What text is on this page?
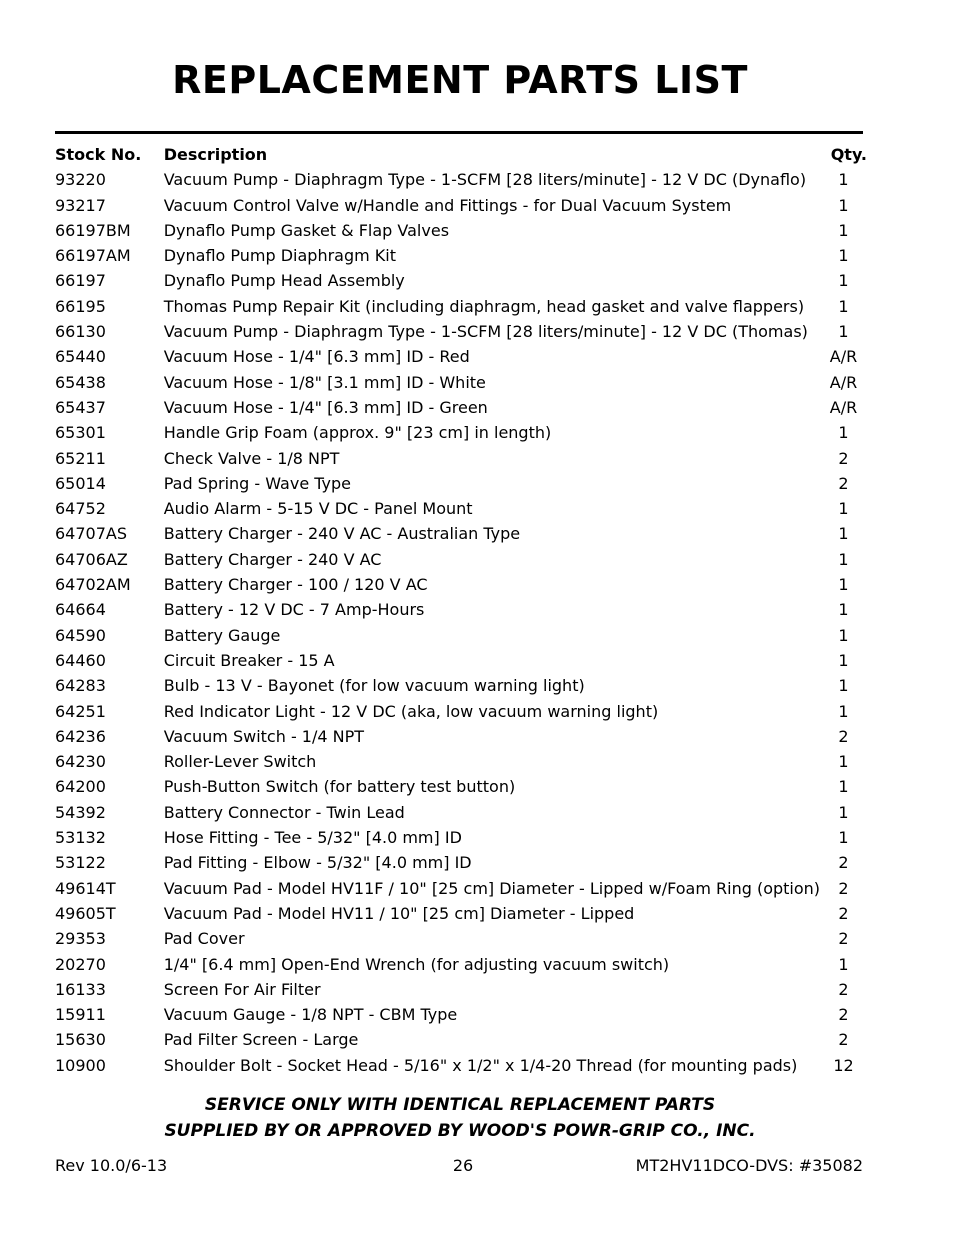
REPLACEMENT PARTS LIST
Stock No.	Description	Qty.
93220	Vacuum Pump - Diaphragm Type - 1-SCFM [28 liters/minute] - 12 V DC (Dynaflo)	1
93217	Vacuum Control Valve w/Handle and Fittings - for Dual Vacuum System	1
66197BM	Dynaflo Pump Gasket & Flap Valves	1
66197AM	Dynaflo Pump Diaphragm Kit	1
66197	Dynaflo Pump Head Assembly	1
66195	Thomas Pump Repair Kit (including diaphragm, head gasket and valve flappers)	1
66130	Vacuum Pump - Diaphragm Type - 1-SCFM [28 liters/minute] - 12 V DC (Thomas)	1
65440	Vacuum Hose - 1/4" [6.3 mm] ID - Red	A/R
65438	Vacuum Hose - 1/8" [3.1 mm] ID - White	A/R
65437	Vacuum Hose - 1/4" [6.3 mm] ID - Green	A/R
65301	Handle Grip Foam (approx. 9" [23 cm] in length)	1
65211	Check Valve - 1/8 NPT	2
65014	Pad Spring - Wave Type	2
64752	Audio Alarm - 5-15 V DC - Panel Mount	1
64707AS	Battery Charger - 240 V AC - Australian Type	1
64706AZ	Battery Charger - 240 V AC	1
64702AM	Battery Charger - 100 / 120 V AC	1
64664	Battery - 12 V DC - 7 Amp-Hours	1
64590	Battery Gauge	1
64460	Circuit Breaker - 15 A	1
64283	Bulb - 13 V - Bayonet (for low vacuum warning light)	1
64251	Red Indicator Light - 12 V DC (aka, low vacuum warning light)	1
64236	Vacuum Switch - 1/4 NPT	2
64230	Roller-Lever Switch	1
64200	Push-Button Switch (for battery test button)	1
54392	Battery Connector - Twin Lead	1
53132	Hose Fitting - Tee - 5/32" [4.0 mm] ID	1
53122	Pad Fitting - Elbow - 5/32" [4.0 mm] ID	2
49614T	Vacuum Pad - Model HV11F / 10" [25 cm] Diameter - Lipped w/Foam Ring (option)	2
49605T	Vacuum Pad - Model HV11 / 10" [25 cm] Diameter - Lipped	2
29353	Pad Cover	2
20270	1/4" [6.4 mm] Open-End Wrench (for adjusting vacuum switch)	1
16133	Screen For Air Filter	2
15911	Vacuum Gauge - 1/8 NPT - CBM Type	2
15630	Pad Filter Screen - Large	2
10900	Shoulder Bolt - Socket Head - 5/16" x 1/2" x 1/4-20 Thread (for mounting pads)	12
SERVICE ONLY WITH IDENTICAL REPLACEMENT PARTS
SUPPLIED BY OR APPROVED BY WOOD'S POWR-GRIP CO., INC.
Rev 10.0/6-13	26	MT2HV11DCO-DVS: #35082
